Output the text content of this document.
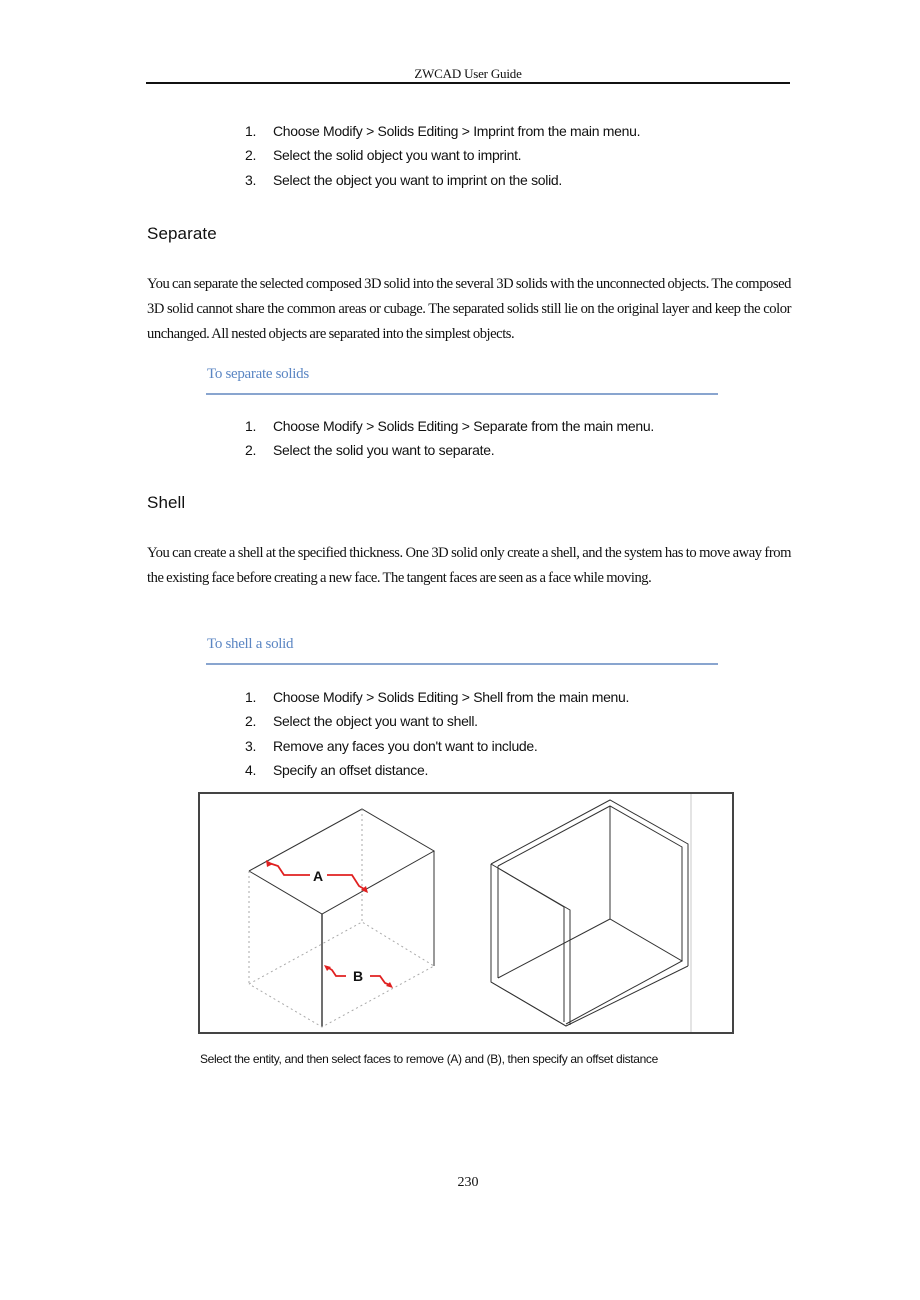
ZWCAD User Guide
1.	Choose Modify > Solids Editing > Imprint from the main menu.
2.	Select the solid object you want to imprint.
3.	Select the object you want to imprint on the solid.
Separate

You can separate the selected composed 3D solid into the several 3D solids with the unconnected objects. The composed 3D solid cannot share the common areas or cubage. The separated solids still lie on the original layer and keep the color unchanged. All nested objects are separated into the simplest objects.

To separate solids
1.	Choose Modify > Solids Editing > Separate from the main menu.
2.	Select the solid you want to separate.
Shell

You can create a shell at the specified thickness. One 3D solid only create a shell, and the system has to move away from the existing face before creating a new face. The tangent faces are seen as a face while moving.

To shell a solid
1.	Choose Modify > Solids Editing > Shell from the main menu.
2.	Select the object you want to shell.
3.	Remove any faces you don't want to include.
4.	Specify an offset distance.
A
B
Select the entity, and then select faces to remove (A) and (B), then specify an offset distance
230
